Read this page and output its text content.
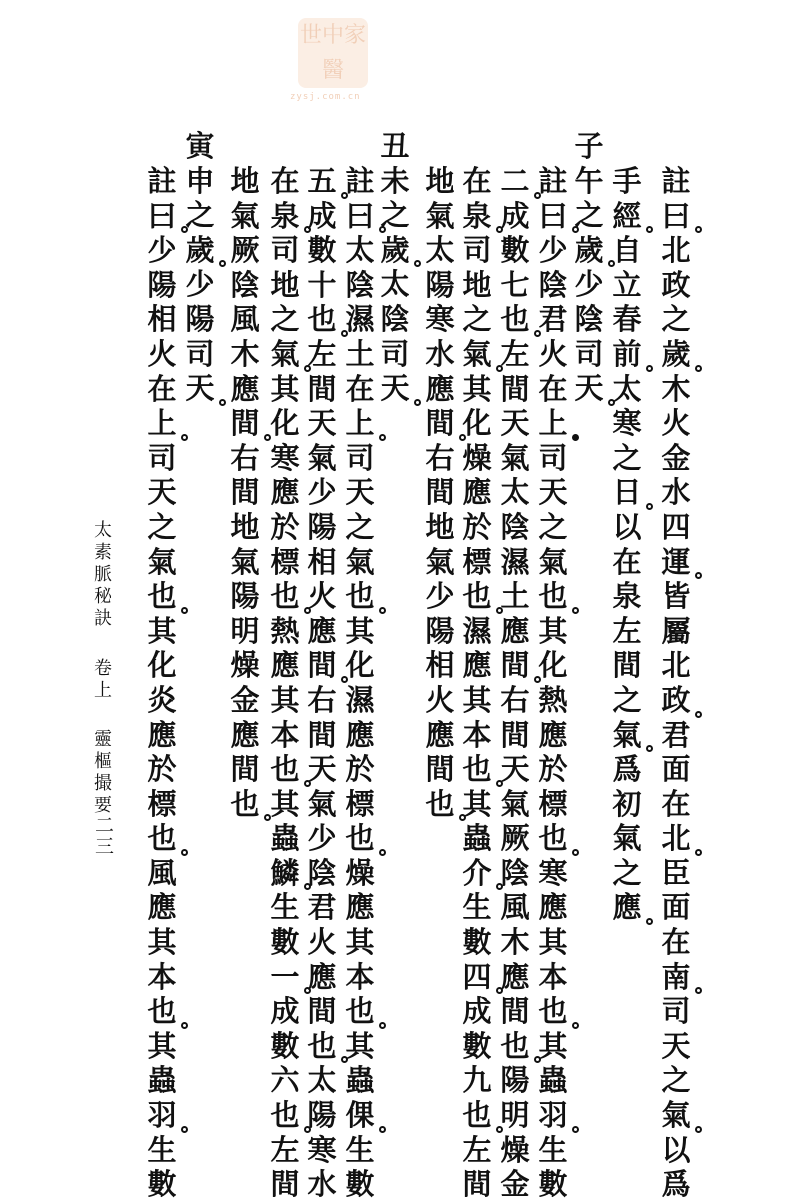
世 中 家
醫
zysj.com.cn
註
曰
北
政
之
歲
木
火
金
水
四
運
皆
屬
北
政
君
面
在
北
臣
面
在
南
司
天
之
氣
以
爲
手
經
自
立
春
前
太
寒
之
日
以
在
泉
左
間
之
氣
爲
初
氣
之
應
子
午
之
歲
少
陰
司
天
註
曰
少
陰
君
火
在
上
司
天
之
氣
也
其
化
熱
應
於
標
也
寒
應
其
本
也
其
蟲
羽
生
數
二
成
數
七
也
左
間
天
氣
太
陰
濕
土
應
間
右
間
天
氣
厥
陰
風
木
應
間
也
陽
明
燥
金
在
泉
司
地
之
氣
其
化
燥
應
於
標
也
濕
應
其
本
也
其
蟲
介
生
數
四
成
數
九
也
左
間
地
氣
太
陽
寒
水
應
間
右
間
地
氣
少
陽
相
火
應
間
也
丑
未
之
歲
太
陰
司
天
註
曰
太
陰
濕
土
在
上
司
天
之
氣
也
其
化
濕
應
於
標
也
燥
應
其
本
也
其
蟲
倮
生
數
五
成
數
十
也
左
間
天
氣
少
陽
相
火
應
間
右
間
天
氣
少
陰
君
火
應
間
也
太
陽
寒
水
在
泉
司
地
之
氣
其
化
寒
應
於
標
也
熱
應
其
本
也
其
蟲
鱗
生
數
一
成
數
六
也
左
間
地
氣
厥
陰
風
木
應
間
右
間
地
氣
陽
明
燥
金
應
間
也
寅
申
之
歲
少
陽
司
天
註
曰
少
陽
相
火
在
上
司
天
之
氣
也
其
化
炎
應
於
標
也
風
應
其
本
也
其
蟲
羽
生
數
太素脈秘訣 卷上 靈樞撮要
二三
